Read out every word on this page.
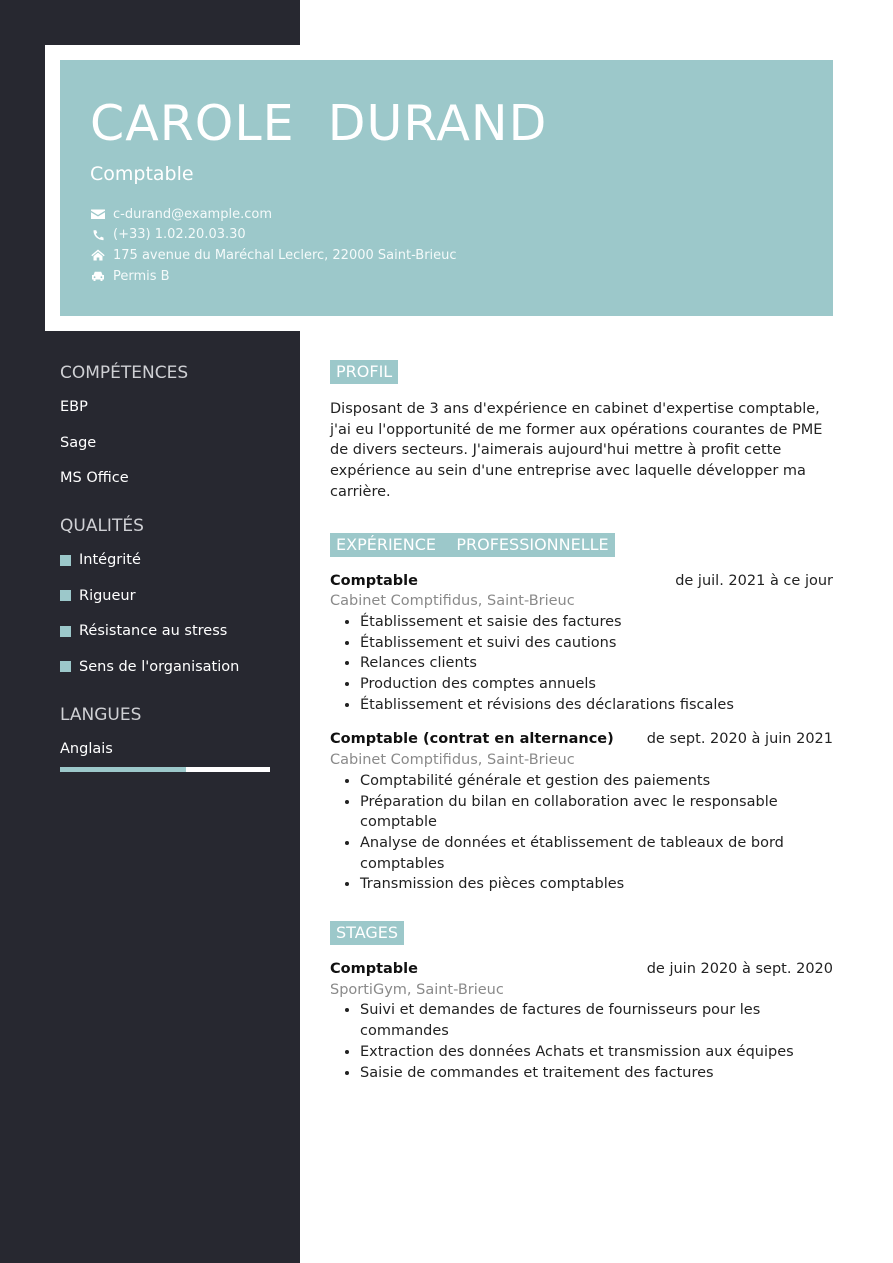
CAROLE  DURAND
Comptable
c-durand@example.com
(+33) 1.02.20.03.30
175 avenue du Maréchal Leclerc, 22000 Saint-Brieuc
Permis B
COMPÉTENCES
EBP
Sage
MS Office
QUALITÉS
Intégrité
Rigueur
Résistance au stress
Sens de l'organisation
LANGUES
Anglais
PROFIL
Disposant de 3 ans d'expérience en cabinet d'expertise comptable, j'ai eu l'opportunité de me former aux opérations courantes de PME de divers secteurs. J'aimerais aujourd'hui mettre à profit cette expérience au sein d'une entreprise avec laquelle développer ma carrière.
EXPÉRIENCE    PROFESSIONNELLE
Comptable	de juil. 2021 à ce jour
Cabinet Comptifidus, Saint-Brieuc
• Établissement et saisie des factures
• Établissement et suivi des cautions
• Relances clients
• Production des comptes annuels
• Établissement et révisions des déclarations fiscales
Comptable (contrat en alternance) de sept. 2020 à juin 2021
Cabinet Comptifidus, Saint-Brieuc
• Comptabilité générale et gestion des paiements
• Préparation du bilan en collaboration avec le responsable comptable
• Analyse de données et établissement de tableaux de bord comptables
• Transmission des pièces comptables
STAGES
Comptable	de juin 2020 à sept. 2020
SportiGym, Saint-Brieuc
• Suivi et demandes de factures de fournisseurs pour les commandes
• Extraction des données Achats et transmission aux équipes
• Saisie de commandes et traitement des factures
